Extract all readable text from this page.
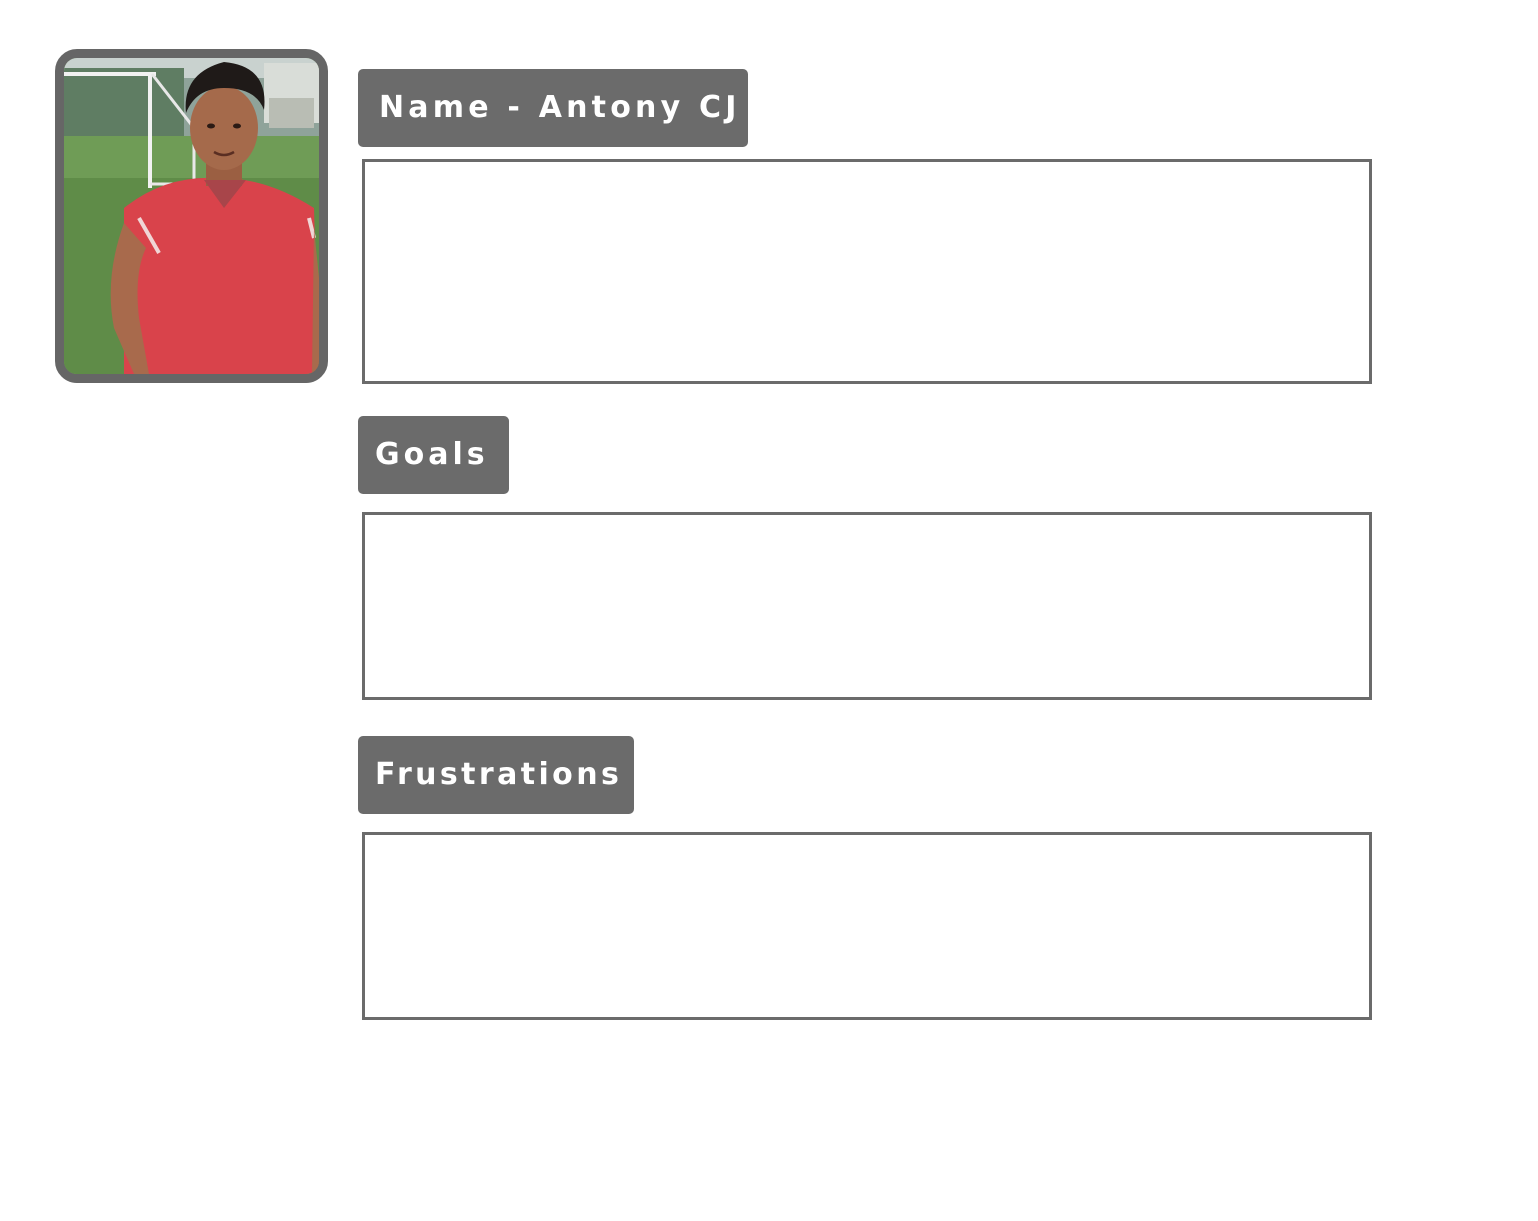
Name - Antony CJ
Goals
Frustrations
